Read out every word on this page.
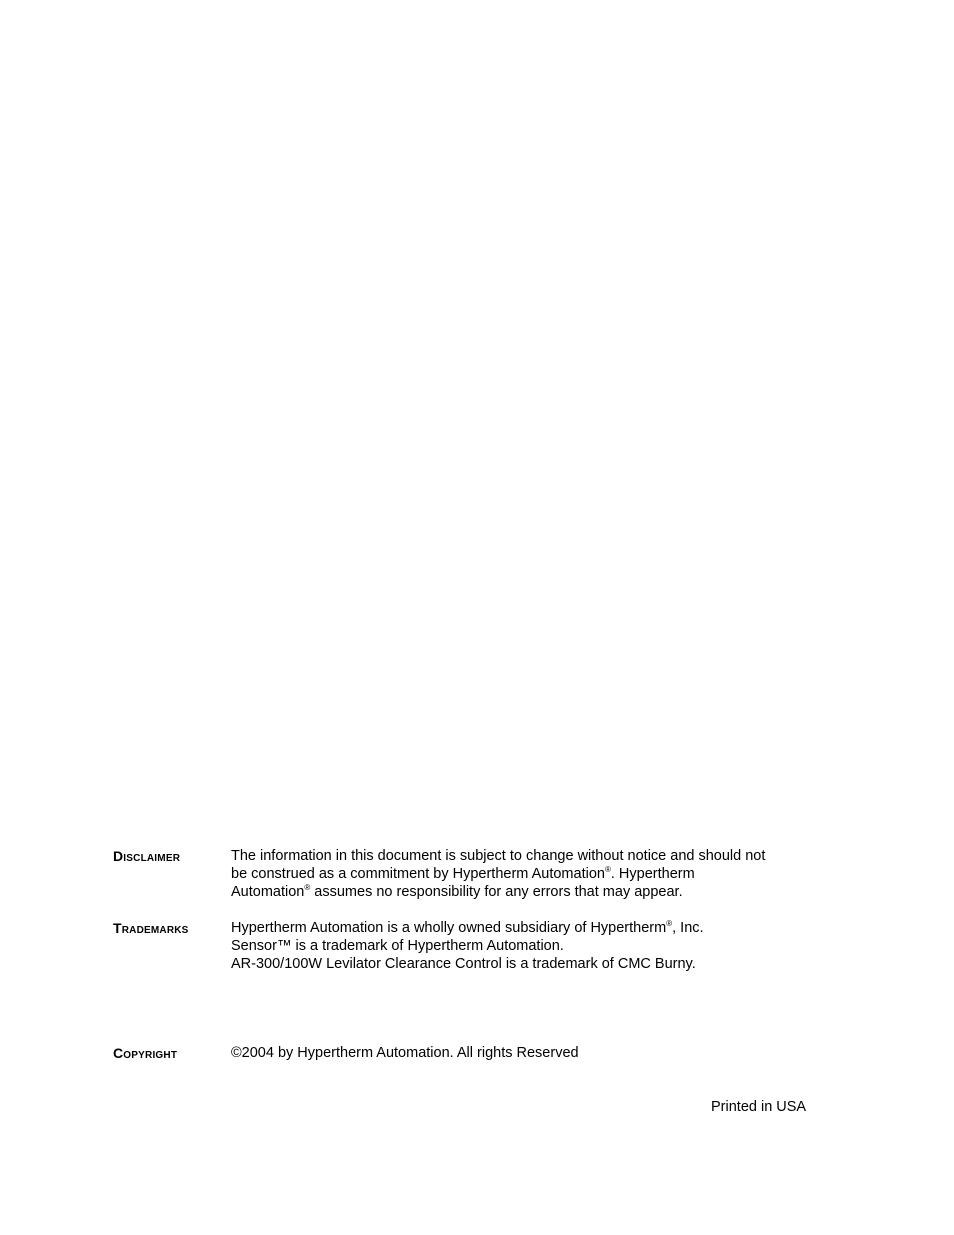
Disclaimer	The information in this document is subject to change without notice and should not
be construed as a commitment by Hypertherm Automation®. Hypertherm
Automation® assumes no responsibility for any errors that may appear.
Trademarks	Hypertherm Automation is a wholly owned subsidiary of Hypertherm®, Inc.
Sensor™ is a trademark of Hypertherm Automation.
AR-300/100W Levilator Clearance Control is a trademark of CMC Burny.
Copyright	©2004 by Hypertherm Automation. All rights Reserved
Printed in USA
